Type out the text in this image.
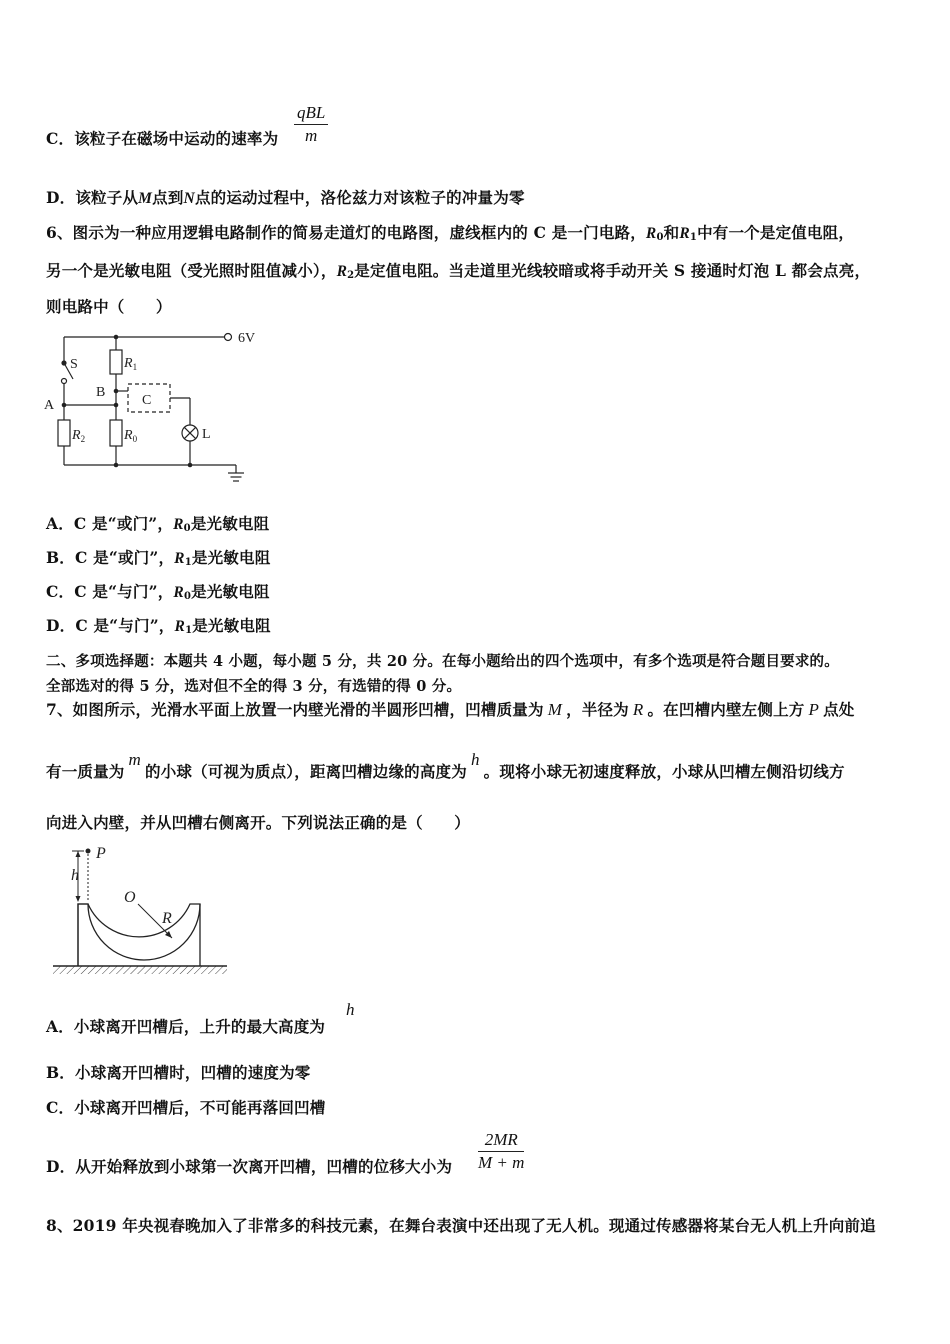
C．该粒子在磁场中运动的速率为
qBL
m
D．该粒子从M点到N点的运动过程中，洛伦兹力对该粒子的冲量为零
6、图示为一种应用逻辑电路制作的简易走道灯的电路图，虚线框内的 C 是一门电路，$R_0$和$R_1$中有一个是定值电阻，
另一个是光敏电阻（受光照时阻值减小），$R_2$是定值电阻。当走道里光线较暗或将手动开关 S 接通时灯泡 L 都会点亮，
则电路中（　　）
6V
S	$R_1$
B
C
A
$R_2$	$R_0$	L
A．C 是“或门”，$R_0$是光敏电阻
B．C 是“或门”，$R_1$是光敏电阻
C．C 是“与门”，$R_0$是光敏电阻
D．C 是“与门”，$R_1$是光敏电阻
二、多项选择题：本题共 4 小题，每小题 5 分，共 20 分。在每小题给出的四个选项中，有多个选项是符合题目要求的。
全部选对的得 5 分，选对但不全的得 3 分，有选错的得 0 分。
7、如图所示，光滑水平面上放置一内壁光滑的半圆形凹槽，凹槽质量为 M ，半径为 R 。在凹槽内壁左侧上方 P 点处
有一质量为m的小球（可视为质点），距离凹槽边缘的高度为h。现将小球无初速度释放，小球从凹槽左侧沿切线方
向进入内壁，并从凹槽右侧离开。下列说法正确的是（　　）
P
h
O
R
A．小球离开凹槽后，上升的最大高度为
h
B．小球离开凹槽时，凹槽的速度为零
C．小球离开凹槽后，不可能再落回凹槽
D．从开始释放到小球第一次离开凹槽，凹槽的位移大小为
2MR
M + m
8、2019 年央视春晚加入了非常多的科技元素，在舞台表演中还出现了无人机。现通过传感器将某台无人机上升向前追
